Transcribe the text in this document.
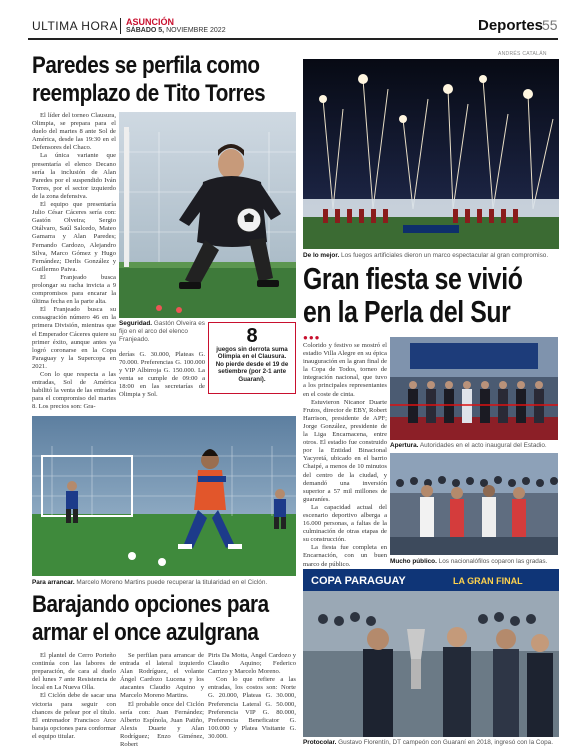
ULTIMA HORA ASUNCIÓN
SÁBADO 5, NOVIEMBRE 2022	Deportes
55
ANDRÉS CATALÁN
Paredes se perfila como
reemplazo de Tito Torres

El líder del torneo Clausura, Olimpia, se prepara para el duelo del martes 8 ante Sol de América, desde las 19:30 en el Defensores del Chaco.

La única variante que presentaría el elenco Decano sería la inclusión de Alan Paredes por el suspendido Iván Torres, por el sector izquierdo de la zona defensiva.

El equipo que presentaría Julio César Cáceres sería con: Gastón Olveira; Sergio Otálvaro, Saúl Salcedo, Mateo Gamarra y Alan Paredes; Fernando Cardozo, Alejandro Silva, Marco Gómez y Hugo Fernández; Derlis González y Guillermo Paiva.

El Franjeado busca prolongar su racha invicta a 9 compromisos para encarar la última fecha en la parte alta.

El Franjeado busca su consagración número 46 en la primera División, mientras que el Emperador Cáceres quiere su primer éxito, aunque antes ya logró coronarse en la Copa Paraguay y la Supercopa en 2021.

Con lo que respecta a las entradas, Sol de América habilitó la venta de las entradas para el compromiso del martes 8. Los precios son: Gra-

Seguridad. Gastón Olveira es fijo en el arco del elenco Franjeado.

derías G. 30.000, Plateas G. 70.000. Preferencias G. 100.000 y VIP Albirroja G. 150.000. La venta se cumple de 09:00 a 18:00 en las secretarías de Olimpia y Sol.

8
juegos sin derrota suma Olimpia en el Clausura. No pierde desde el 19 de setiembre (por 2-1 ante Guaraní).
Para arrancar. Marcelo Moreno Martins puede recuperar la titularidad en el Ciclón.
Barajando opciones para
armar el once azulgrana

El plantel de Cerro Porteño continúa con las labores de preparación, de cara al duelo del lunes 7 ante Resistencia de local en La Nueva Olla.

El Ciclón debe de sacar una victoria para seguir con chances de pelear por el título. El entrenador Francisco Arce baraja opciones para conformar el equipo titular.

Se perfilan para arrancar de entrada el lateral izquierdo Alan Rodríguez, el volante Ángel Cardozo Lucena y los atacantes Claudio Aquino y Marcelo Moreno Martins.

El probable once del Ciclón sería con: Juan Fernández; Alberto Espínola, Juan Patiño, Alexis Duarte y Alan Rodríguez; Enzo Giménez, Robert

Piris Da Motta, Ángel Cardozo y Claudio Aquino; Federico Carrizo y Marcelo Moreno.

Con lo que refiere a las entradas, los costos son: Norte G. 20.000, Plateas G. 30.000, Preferencia Lateral G. 50.000, Preferencia VIP G. 80.000, Preferencia Beneficator G. 100.000 y Platea Visitante G. 30.000.

De lo mejor. Los fuegos artificiales dieron un marco espectacular al gran compromiso.
Gran fiesta se vivió
en la Perla del Sur
●●●

Colorido y festivo se mostró el estadio Villa Alegre en su épica inauguración en la gran final de la Copa de Todos, torneo de integración nacional, que tuvo a los principales representantes en el coste de cinta.

Estuvieron Nicanor Duarte Frutos, director de EBY, Robert Harrison, presidente de APF; Jorge González, presidente de la Liga Encarnacena, entre otros. El estadio fue construido por la Entidad Binacional Yacyretá, ubicado en el barrio Chaipé, a menos de 10 minutos del centro de la ciudad, y demandó una inversión superior a 57 mil millones de guaraníes.

La capacidad actual del escenario deportivo alberga a 16.000 personas, a faltas de la culminación de otras etapas de su construcción.

La fiesta fue completa en Encarnación, con un buen marco de público.

Apertura. Autoridades en el acto inaugural del Estadio.
Mucho público. Los nacionalófilos coparon las gradas.
COPA PARAGUAY	LA GRAN FINAL
Protocolar. Gustavo Florentín, DT campeón con Guaraní en 2018, ingresó con la Copa.
